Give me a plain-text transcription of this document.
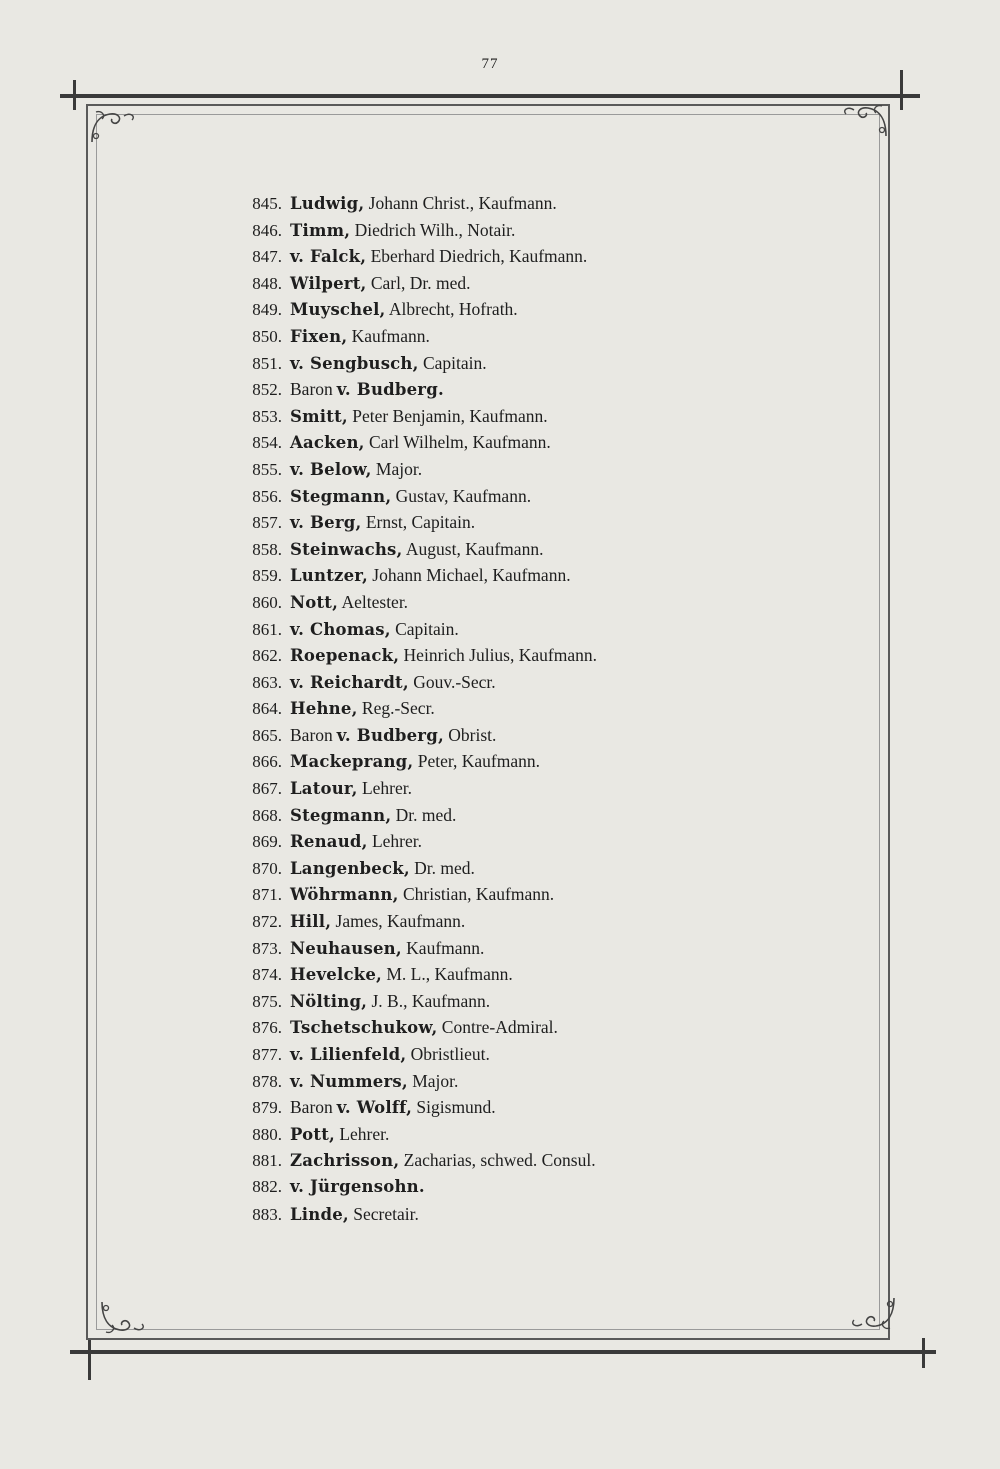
77
845. Ludwig, Johann Christ., Kaufmann.
846. Timm, Diedrich Wilh., Notair.
847. v. Falck, Eberhard Diedrich, Kaufmann.
848. Wilpert, Carl, Dr. med.
849. Muyschel, Albrecht, Hofrath.
850. Fixen, Kaufmann.
851. v. Sengbusch, Capitain.
852. Baron v. Budberg.
853. Smitt, Peter Benjamin, Kaufmann.
854. Aacken, Carl Wilhelm, Kaufmann.
855. v. Below, Major.
856. Stegmann, Gustav, Kaufmann.
857. v. Berg, Ernst, Capitain.
858. Steinwachs, August, Kaufmann.
859. Luntzer, Johann Michael, Kaufmann.
860. Nott, Aeltester.
861. v. Chomas, Capitain.
862. Roepenack, Heinrich Julius, Kaufmann.
863. v. Reichardt, Gouv.-Secr.
864. Hehne, Reg.-Secr.
865. Baron v. Budberg, Obrist.
866. Mackeprang, Peter, Kaufmann.
867. Latour, Lehrer.
868. Stegmann, Dr. med.
869. Renaud, Lehrer.
870. Langenbeck, Dr. med.
871. Wöhrmann, Christian, Kaufmann.
872. Hill, James, Kaufmann.
873. Neuhausen, Kaufmann.
874. Hevelcke, M. L., Kaufmann.
875. Nölting, J. B., Kaufmann.
876. Tschetschukow, Contre-Admiral.
877. v. Lilienfeld, Obristlieut.
878. v. Nummers, Major.
879. Baron v. Wolff, Sigismund.
880. Pott, Lehrer.
881. Zachrisson, Zacharias, schwed. Consul.
882. v. Jürgensohn.
883. Linde, Secretair.
